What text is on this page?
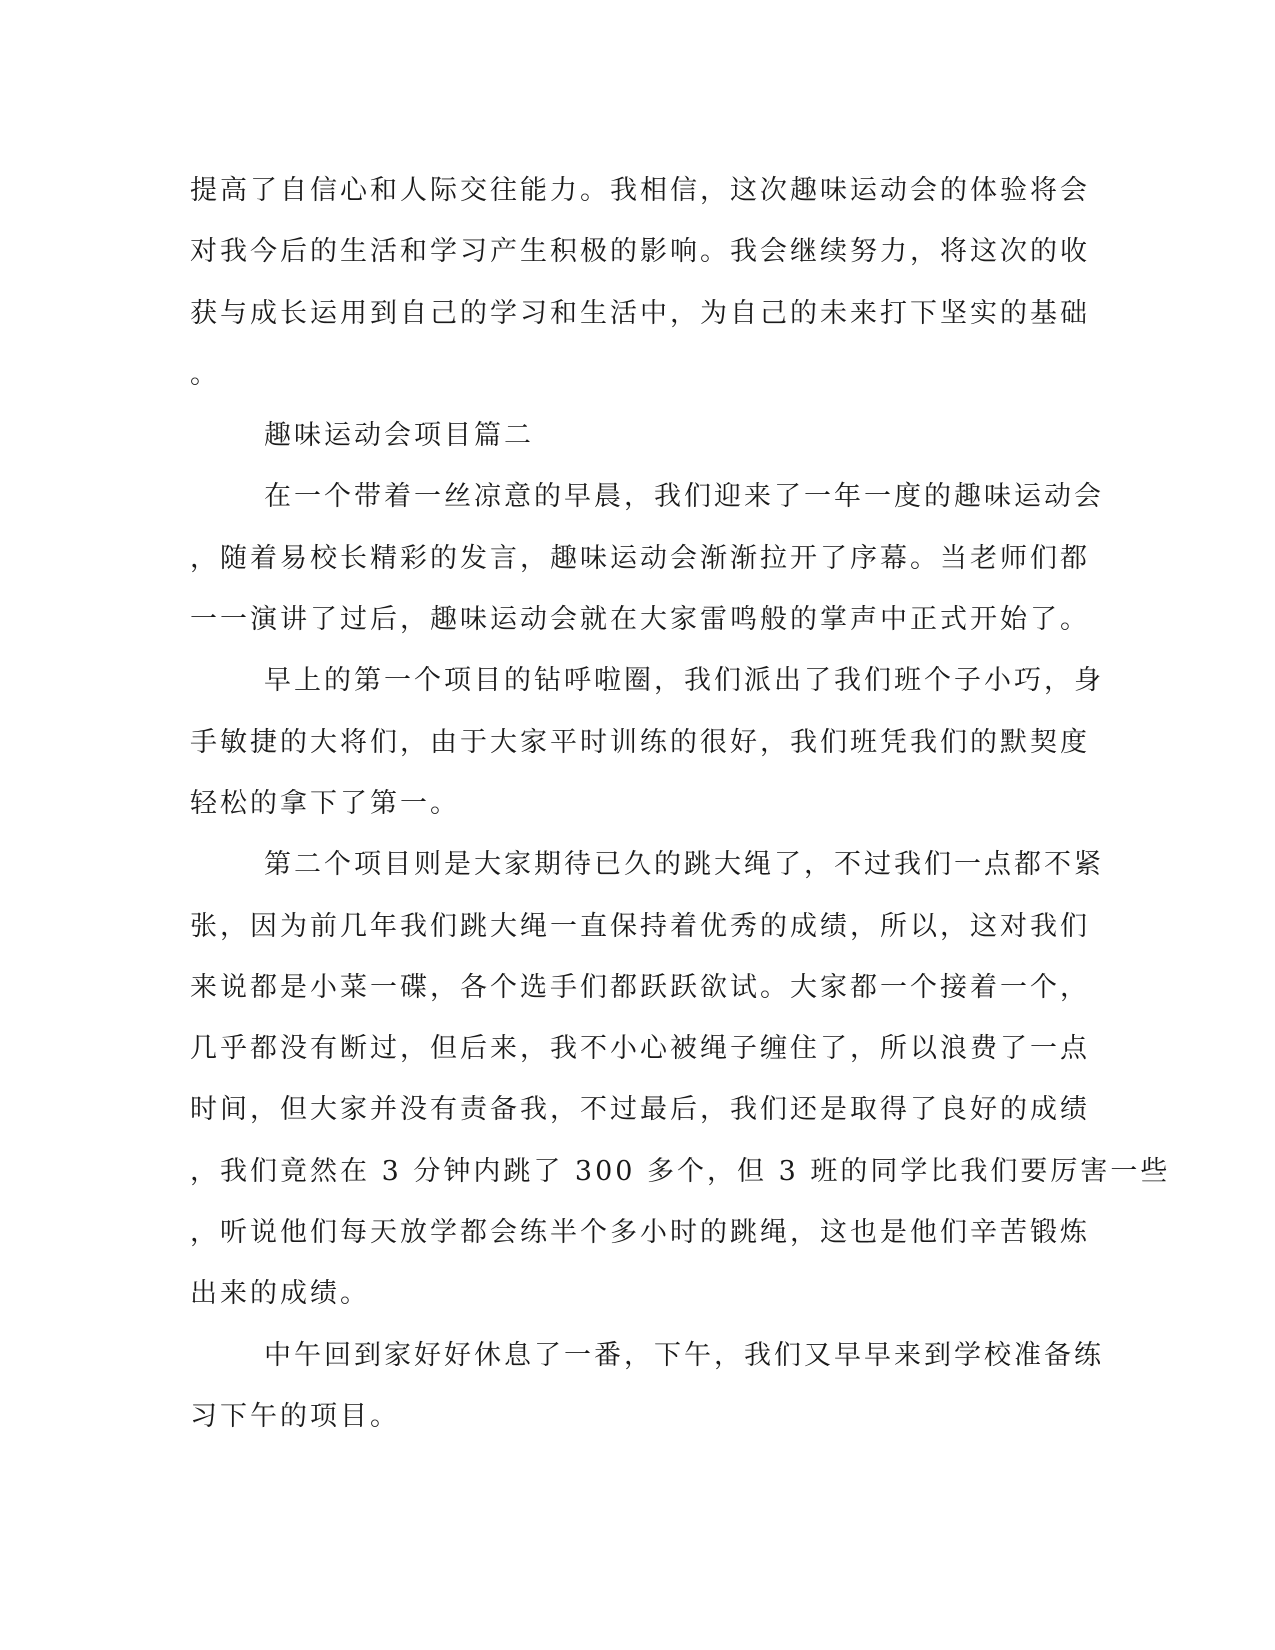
提高了自信心和人际交往能力。我相信，这次趣味运动会的体验将会
对我今后的生活和学习产生积极的影响。我会继续努力，将这次的收
获与成长运用到自己的学习和生活中，为自己的未来打下坚实的基础
。
趣味运动会项目篇二
在一个带着一丝凉意的早晨，我们迎来了一年一度的趣味运动会
，随着易校长精彩的发言，趣味运动会渐渐拉开了序幕。当老师们都
一一演讲了过后，趣味运动会就在大家雷鸣般的掌声中正式开始了。
早上的第一个项目的钻呼啦圈，我们派出了我们班个子小巧，身
手敏捷的大将们，由于大家平时训练的很好，我们班凭我们的默契度
轻松的拿下了第一。
第二个项目则是大家期待已久的跳大绳了，不过我们一点都不紧
张，因为前几年我们跳大绳一直保持着优秀的成绩，所以，这对我们
来说都是小菜一碟，各个选手们都跃跃欲试。大家都一个接着一个，
几乎都没有断过，但后来，我不小心被绳子缠住了，所以浪费了一点
时间，但大家并没有责备我，不过最后，我们还是取得了良好的成绩
，我们竟然在 3 分钟内跳了 300 多个，但 3 班的同学比我们要厉害一些
，听说他们每天放学都会练半个多小时的跳绳，这也是他们辛苦锻炼
出来的成绩。
中午回到家好好休息了一番，下午，我们又早早来到学校准备练
习下午的项目。
